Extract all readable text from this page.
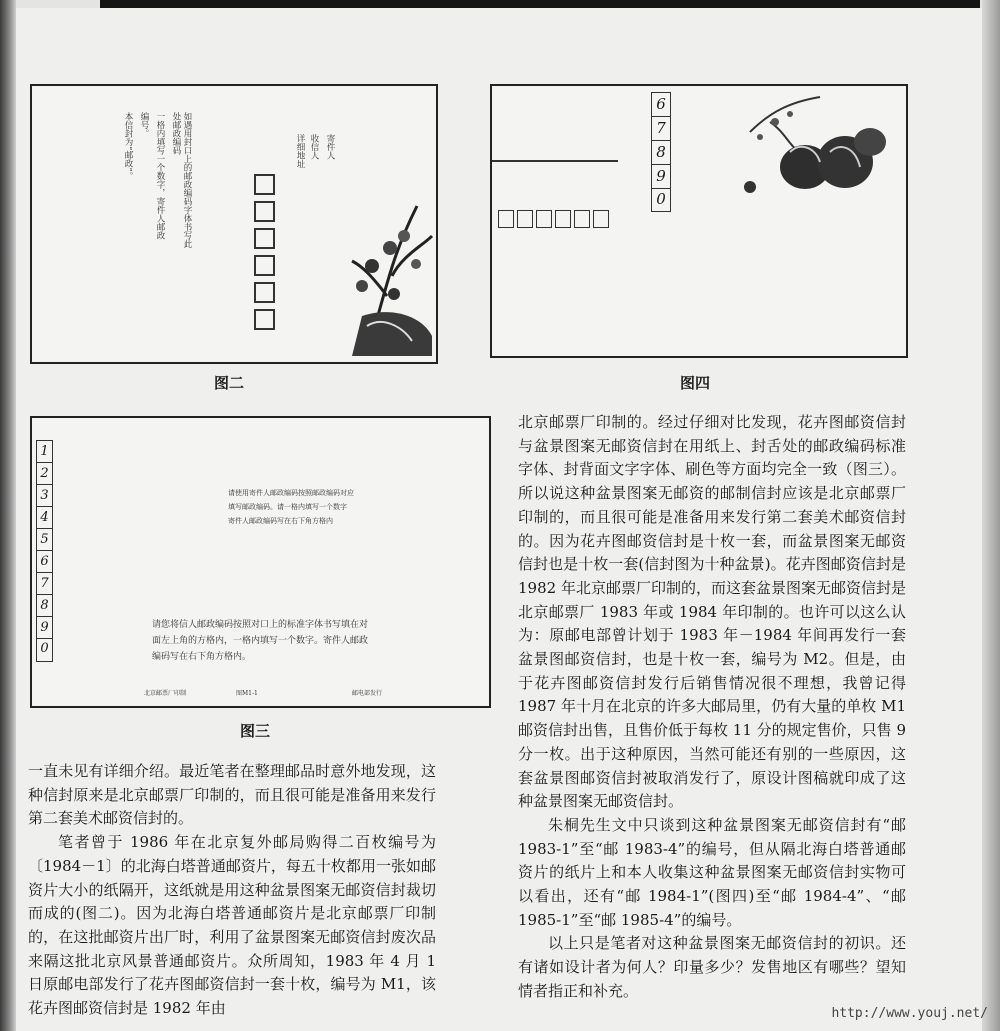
如遇用封口上的邮政编码字体书写此处邮政编码
一格内填写一个数字，寄件人邮政
编号。
本信封为“邮政”。	寄件人
收信人
详细地址
图二
6
7
8
9
0
图四
1
2
3
4
5
6
7
8
9
0
请使用寄件人邮政编码按照邮政编码对应
填写邮政编码。请一格内填写一个数字
寄件人邮政编码写在右下角方格内
请您将信人邮政编码按照对口上的标准字体书写填在对
面左上角的方格内，一格内填写一个数字。寄件人邮政
编码写在右下角方格内。
北京邮票厂印制	图M1-1	邮电部发行
图三

北京邮票厂印制的。经过仔细对比发现，花卉图邮资信封与盆景图案无邮资信封在用纸上、封舌处的邮政编码标准字体、封背面文字字体、刷色等方面均完全一致（图三）。所以说这种盆景图案无邮资的邮制信封应该是北京邮票厂印制的，而且很可能是准备用来发行第二套美术邮资信封的。因为花卉图邮资信封是十枚一套，而盆景图案无邮资信封也是十枚一套(信封图为十种盆景)。花卉图邮资信封是 1982 年北京邮票厂印制的，而这套盆景图案无邮资信封是北京邮票厂 1983 年或 1984 年印制的。也许可以这么认为：原邮电部曾计划于 1983 年－1984 年间再发行一套盆景图邮资信封，也是十枚一套，编号为 M2。但是，由于花卉图邮资信封发行后销售情况很不理想，我曾记得 1987 年十月在北京的许多大邮局里，仍有大量的单枚 M1 邮资信封出售，且售价低于每枚 11 分的规定售价，只售 9 分一枚。出于这种原因，当然可能还有别的一些原因，这套盆景图邮资信封被取消发行了，原设计图稿就印成了这种盆景图案无邮资信封。

朱桐先生文中只谈到这种盆景图案无邮资信封有“邮 1983-1”至“邮 1983-4”的编号，但从隔北海白塔普通邮资片的纸片上和本人收集这种盆景图案无邮资信封实物可以看出，还有“邮 1984-1”(图四)至“邮 1984-4”、“邮 1985-1”至“邮 1985-4”的编号。

以上只是笔者对这种盆景图案无邮资信封的初识。还有诸如设计者为何人？印量多少？发售地区有哪些？望知情者指正和补充。

一直未见有详细介绍。最近笔者在整理邮品时意外地发现，这种信封原来是北京邮票厂印制的，而且很可能是准备用来发行第二套美术邮资信封的。

笔者曾于 1986 年在北京复外邮局购得二百枚编号为〔1984－1〕的北海白塔普通邮资片，每五十枚都用一张如邮资片大小的纸隔开，这纸就是用这种盆景图案无邮资信封裁切而成的(图二)。因为北海白塔普通邮资片是北京邮票厂印制的，在这批邮资片出厂时，利用了盆景图案无邮资信封废次品来隔这批北京风景普通邮资片。众所周知，1983 年 4 月 1 日原邮电部发行了花卉图邮资信封一套十枚，编号为 M1，该花卉图邮资信封是 1982 年由	http://www.youj.net/
